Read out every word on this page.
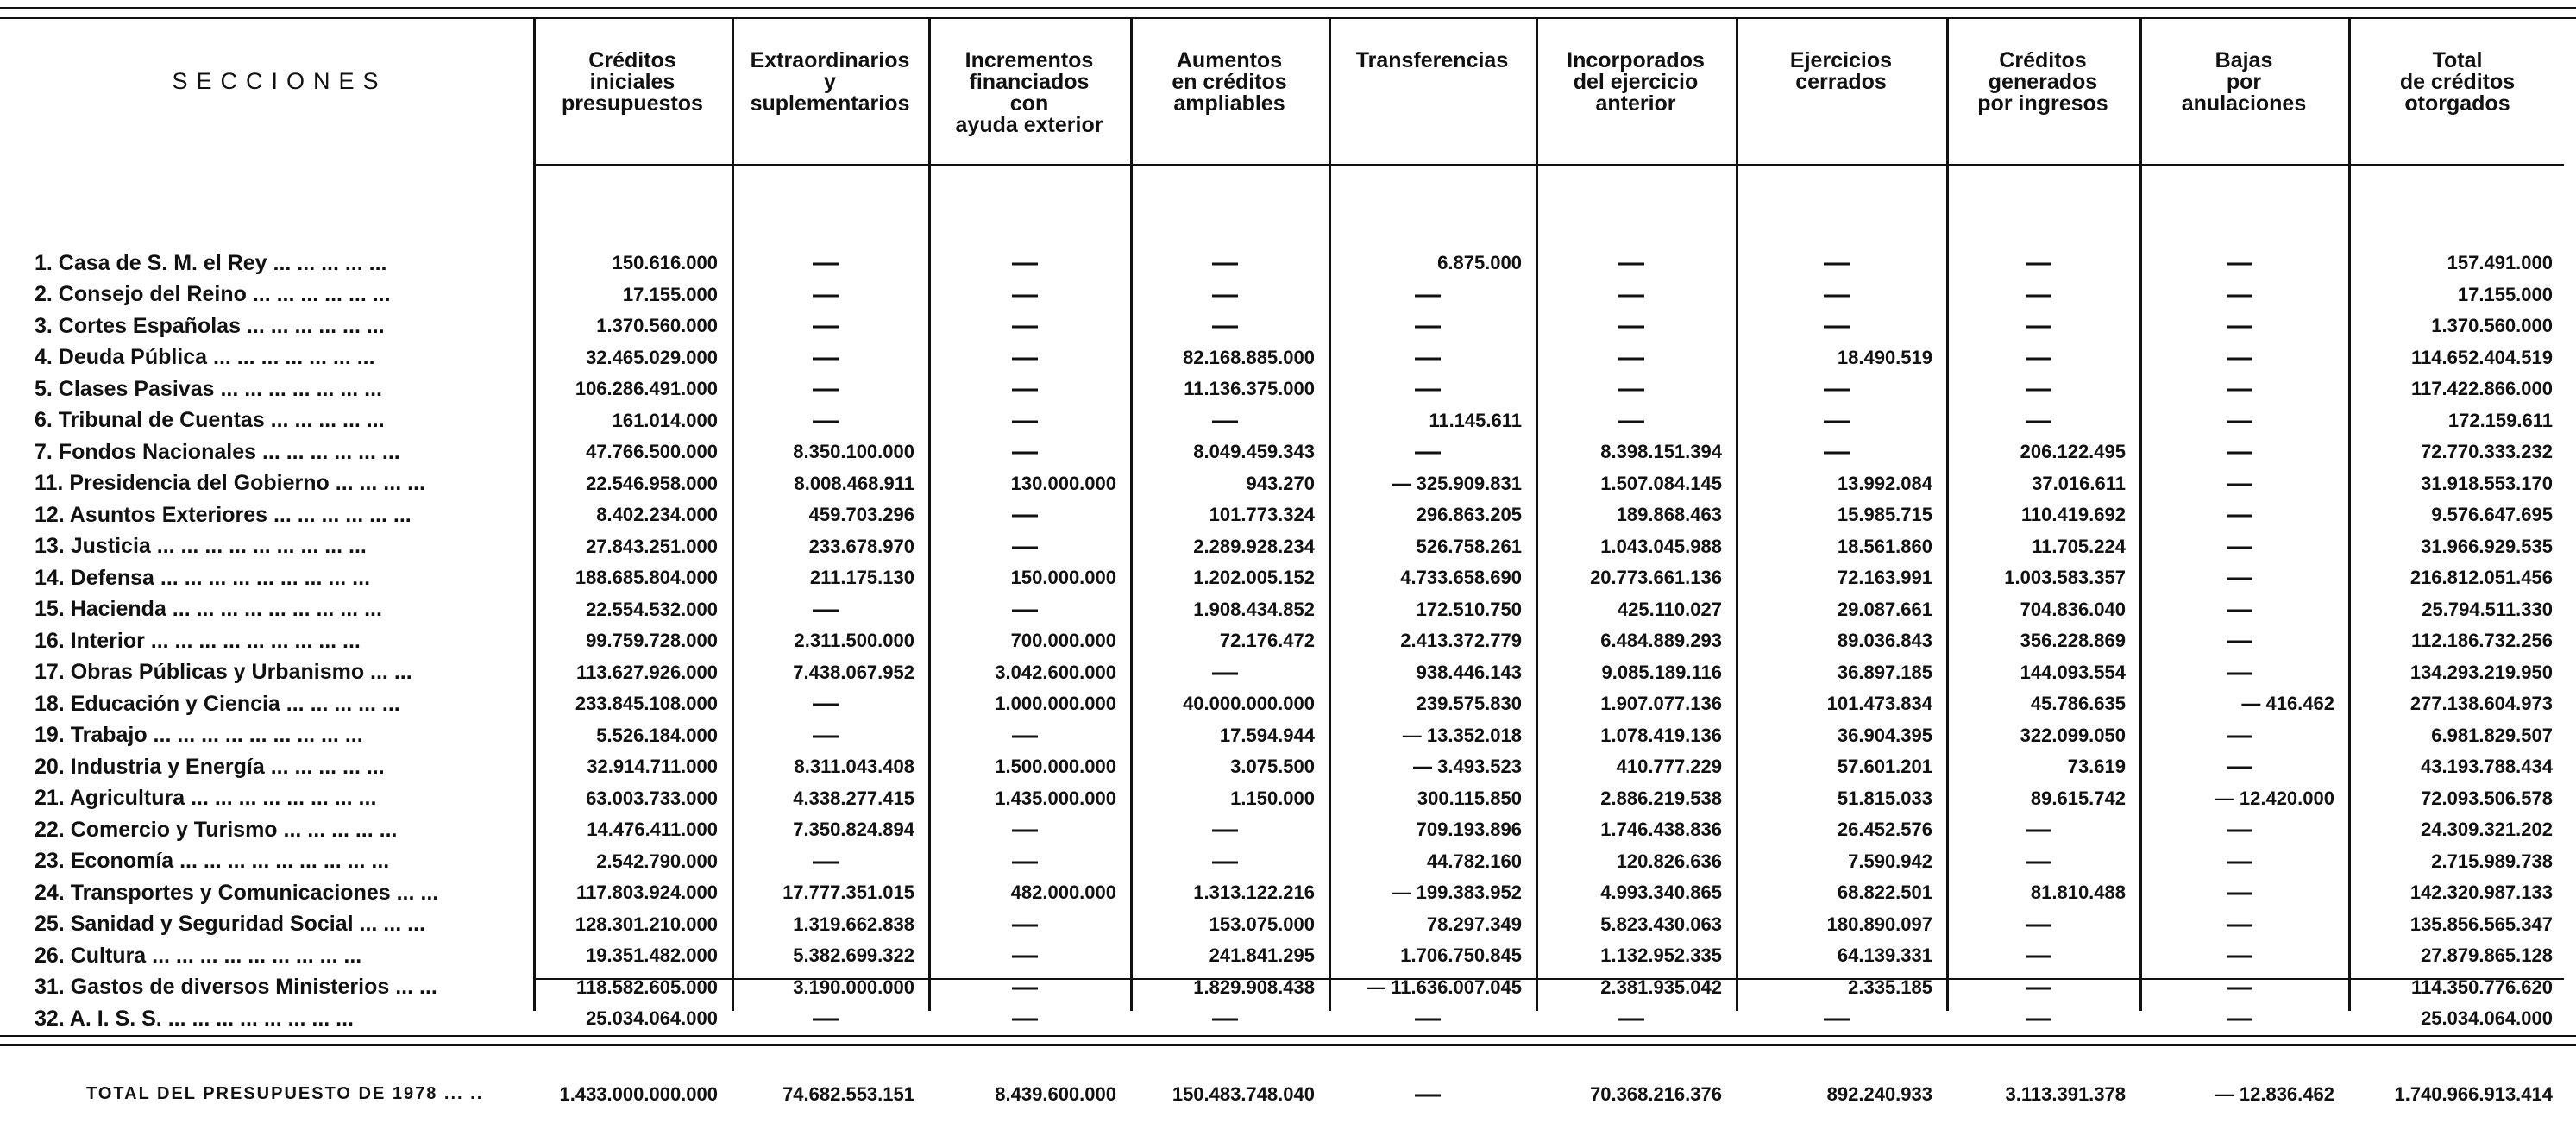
SECCIONES	Créditos
iniciales
presupuestos	Extraordinarios
y
suplementarios	Incrementos
financiados
con
ayuda exterior	Aumentos
en créditos
ampliables	Transferencias	Incorporados
del ejercicio
anterior	Ejercicios
cerrados	Créditos
generados
por ingresos	Bajas
por
anulaciones	Total
de créditos
otorgados

1. Casa de S. M. el Rey ... ... ... ... ...	150.616.000	—	—	—	6.875.000	—	—	—	—	157.491.000
2. Consejo del Reino ... ... ... ... ... ...	17.155.000	—	—	—	—	—	—	—	—	17.155.000
3. Cortes Españolas ... ... ... ... ... ...	1.370.560.000	—	—	—	—	—	—	—	—	1.370.560.000
4. Deuda Pública ... ... ... ... ... ... ...	32.465.029.000	—	—	82.168.885.000	—	—	18.490.519	—	—	114.652.404.519
5. Clases Pasivas ... ... ... ... ... ... ...	106.286.491.000	—	—	11.136.375.000	—	—	—	—	—	117.422.866.000
6. Tribunal de Cuentas ... ... ... ... ...	161.014.000	—	—	—	11.145.611	—	—	—	—	172.159.611
7. Fondos Nacionales ... ... ... ... ... ...	47.766.500.000	8.350.100.000	—	8.049.459.343	—	8.398.151.394	—	206.122.495	—	72.770.333.232
11. Presidencia del Gobierno ... ... ... ...	22.546.958.000	8.008.468.911	130.000.000	943.270	— 325.909.831	1.507.084.145	13.992.084	37.016.611	—	31.918.553.170
12. Asuntos Exteriores ... ... ... ... ... ...	8.402.234.000	459.703.296	—	101.773.324	296.863.205	189.868.463	15.985.715	110.419.692	—	9.576.647.695
13. Justicia ... ... ... ... ... ... ... ... ...	27.843.251.000	233.678.970	—	2.289.928.234	526.758.261	1.043.045.988	18.561.860	11.705.224	—	31.966.929.535
14. Defensa ... ... ... ... ... ... ... ... ...	188.685.804.000	211.175.130	150.000.000	1.202.005.152	4.733.658.690	20.773.661.136	72.163.991	1.003.583.357	—	216.812.051.456
15. Hacienda ... ... ... ... ... ... ... ... ...	22.554.532.000	—	—	1.908.434.852	172.510.750	425.110.027	29.087.661	704.836.040	—	25.794.511.330
16. Interior ... ... ... ... ... ... ... ... ...	99.759.728.000	2.311.500.000	700.000.000	72.176.472	2.413.372.779	6.484.889.293	89.036.843	356.228.869	—	112.186.732.256
17. Obras Públicas y Urbanismo ... ...	113.627.926.000	7.438.067.952	3.042.600.000	—	938.446.143	9.085.189.116	36.897.185	144.093.554	—	134.293.219.950
18. Educación y Ciencia ... ... ... ... ...	233.845.108.000	—	1.000.000.000	40.000.000.000	239.575.830	1.907.077.136	101.473.834	45.786.635	— 416.462	277.138.604.973
19. Trabajo ... ... ... ... ... ... ... ... ...	5.526.184.000	—	—	17.594.944	— 13.352.018	1.078.419.136	36.904.395	322.099.050	—	6.981.829.507
20. Industria y Energía ... ... ... ... ...	32.914.711.000	8.311.043.408	1.500.000.000	3.075.500	— 3.493.523	410.777.229	57.601.201	73.619	—	43.193.788.434
21. Agricultura ... ... ... ... ... ... ... ...	63.003.733.000	4.338.277.415	1.435.000.000	1.150.000	300.115.850	2.886.219.538	51.815.033	89.615.742	— 12.420.000	72.093.506.578
22. Comercio y Turismo ... ... ... ... ...	14.476.411.000	7.350.824.894	—	—	709.193.896	1.746.438.836	26.452.576	—	—	24.309.321.202
23. Economía ... ... ... ... ... ... ... ... ...	2.542.790.000	—	—	—	44.782.160	120.826.636	7.590.942	—	—	2.715.989.738
24. Transportes y Comunicaciones ... ...	117.803.924.000	17.777.351.015	482.000.000	1.313.122.216	— 199.383.952	4.993.340.865	68.822.501	81.810.488	—	142.320.987.133
25. Sanidad y Seguridad Social ... ... ...	128.301.210.000	1.319.662.838	—	153.075.000	78.297.349	5.823.430.063	180.890.097	—	—	135.856.565.347
26. Cultura ... ... ... ... ... ... ... ... ...	19.351.482.000	5.382.699.322	—	241.841.295	1.706.750.845	1.132.952.335	64.139.331	—	—	27.879.865.128
31. Gastos de diversos Ministerios ... ...	118.582.605.000	3.190.000.000	—	1.829.908.438	— 11.636.007.045	2.381.935.042	2.335.185	—	—	114.350.776.620
32. A. I. S. S. ... ... ... ... ... ... ... ...	25.034.064.000	—	—	—	—	—	—	—	—	25.034.064.000

TOTAL DEL PRESUPUESTO DE 1978 ... ..	1.433.000.000.000	74.682.553.151	8.439.600.000	150.483.748.040	—	70.368.216.376	892.240.933	3.113.391.378	— 12.836.462	1.740.966.913.414
